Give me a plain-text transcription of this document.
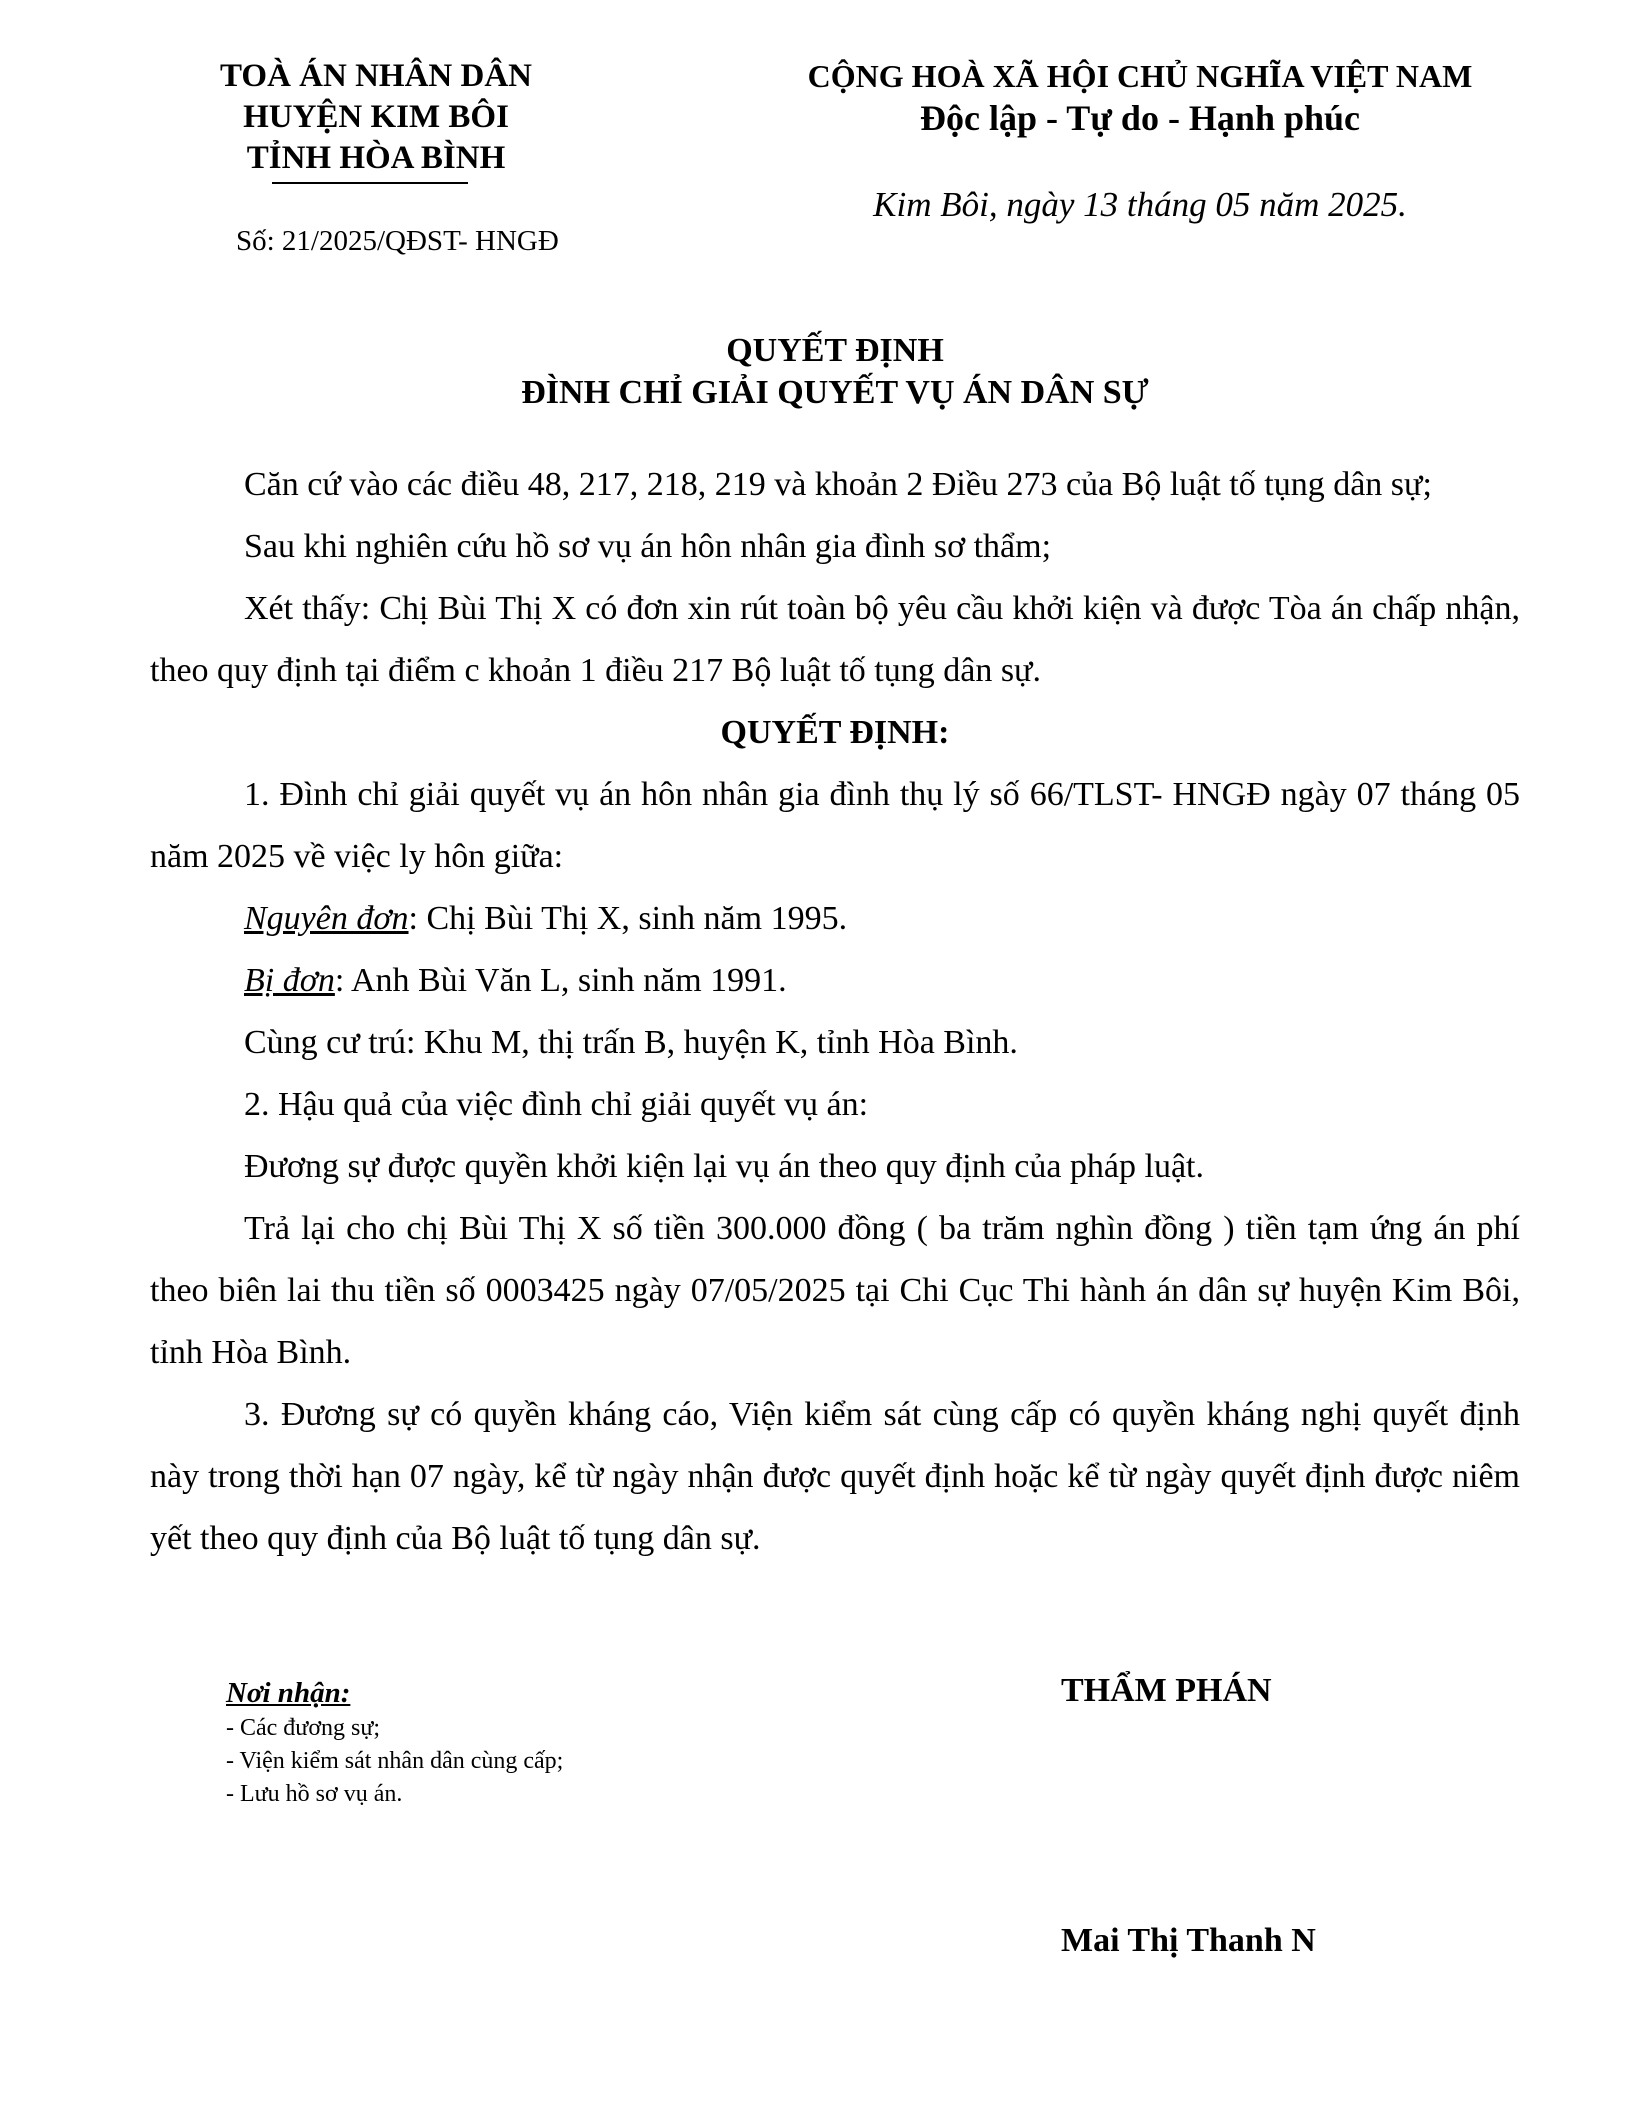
TOÀ ÁN NHÂN DÂN
HUYỆN KIM BÔI
TỈNH HÒA BÌNH
Số: 21/2025/QĐST- HNGĐ
CỘNG HOÀ XÃ HỘI CHỦ NGHĨA VIỆT NAM
Độc lập - Tự do - Hạnh phúc
Kim Bôi, ngày 13 tháng 05 năm 2025.
QUYẾT ĐỊNH
ĐÌNH CHỈ GIẢI QUYẾT VỤ ÁN DÂN SỰ

Căn cứ vào các điều 48, 217, 218, 219 và khoản 2 Điều 273 của Bộ luật tố tụng dân sự;

Sau khi nghiên cứu hồ sơ vụ án hôn nhân gia đình sơ thẩm;

Xét thấy: Chị Bùi Thị X có đơn xin rút toàn bộ yêu cầu khởi kiện và được Tòa án chấp nhận, theo quy định tại điểm c khoản 1 điều 217 Bộ luật tố tụng dân sự.

QUYẾT ĐỊNH:

1. Đình chỉ giải quyết vụ án hôn nhân gia đình thụ lý số 66/TLST- HNGĐ ngày 07 tháng 05 năm 2025 về việc ly hôn giữa:

Nguyên đơn: Chị Bùi Thị X, sinh năm 1995.

Bị đơn: Anh Bùi Văn L, sinh năm 1991.

Cùng cư trú: Khu M, thị trấn B, huyện K, tỉnh Hòa Bình.

2. Hậu quả của việc đình chỉ giải quyết vụ án:

Đương sự được quyền khởi kiện lại vụ án theo quy định của pháp luật.

Trả lại cho chị Bùi Thị X số tiền 300.000 đồng ( ba trăm nghìn đồng ) tiền tạm ứng án phí theo biên lai thu tiền số 0003425 ngày 07/05/2025 tại Chi Cục Thi hành án dân sự huyện Kim Bôi, tỉnh Hòa Bình.

3. Đương sự có quyền kháng cáo, Viện kiểm sát cùng cấp có quyền kháng nghị quyết định này trong thời hạn 07 ngày, kể từ ngày nhận được quyết định hoặc kể từ ngày quyết định được niêm yết theo quy định của Bộ luật tố tụng dân sự.

Nơi nhận:
- Các đương sự;
- Viện kiểm sát nhân dân cùng cấp;
- Lưu hồ sơ vụ án.
THẨM PHÁN
Mai Thị Thanh N
